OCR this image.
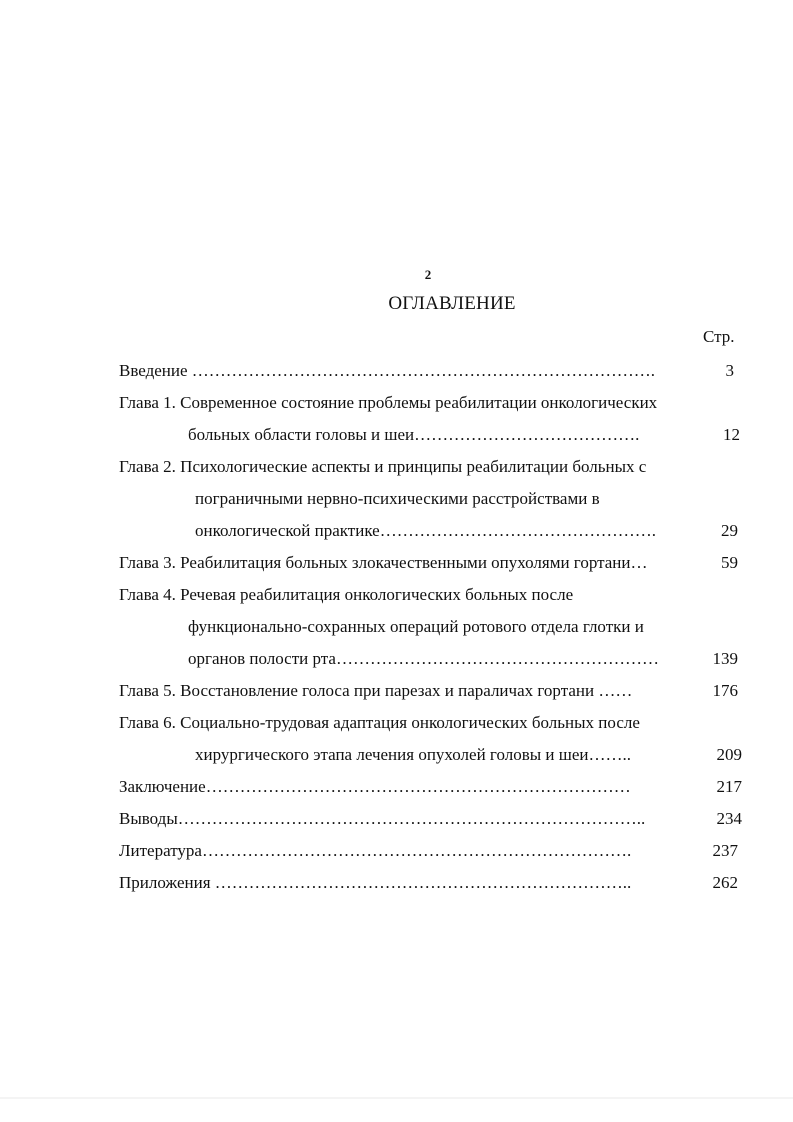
2
ОГЛАВЛЕНИЕ
Стр.
Введение ……………………………………………………………………….	3
Глава 1. Современное состояние проблемы реабилитации онкологических
больных области головы и шеи………………………………….	12
Глава 2. Психологические аспекты и принципы реабилитации больных с
пограничными нервно-психическими расстройствами в
онкологической практике………………………………………….	29
Глава 3. Реабилитация больных злокачественными опухолями гортани…	59
Глава 4. Речевая реабилитация онкологических больных после
функционально-сохранных операций ротового отдела глотки и
органов полости рта…………………………………………………	139
Глава 5. Восстановление голоса при парезах и параличах гортани ……	176
Глава 6. Социально-трудовая адаптация онкологических больных после
хирургического этапа лечения опухолей головы и шеи……..	209
Заключение…………………………………………………………………	217
Выводы………………………………………………………………………..	234
Литература………………………………………………………………….	237
Приложения ………………………………………………………………..	262
